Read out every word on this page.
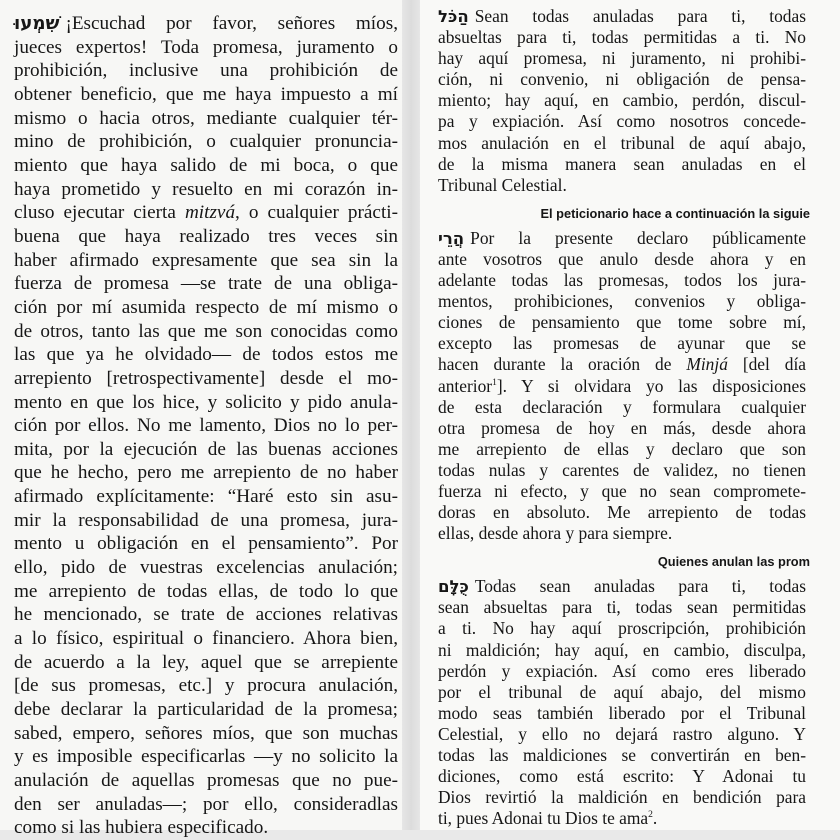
שִׁמְעוּ ¡Escuchad por favor, señores míos,
jueces expertos! Toda promesa, juramento o
prohibición, inclusive una prohibición de
obtener beneficio, que me haya impuesto a mí
mismo o hacia otros, mediante cualquier tér-
mino de prohibición, o cualquier pronuncia-
miento que haya salido de mi boca, o que
haya prometido y resuelto en mi corazón in-
cluso ejecutar cierta mitzvá, o cualquier prácti-
buena que haya realizado tres veces sin
haber afirmado expresamente que sea sin la
fuerza de promesa —se trate de una obliga-
ción por mí asumida respecto de mí mismo o
de otros, tanto las que me son conocidas como
las que ya he olvidado— de todos estos me
arrepiento [retrospectivamente] desde el mo-
mento en que los hice, y solicito y pido anula-
ción por ellos. No me lamento, Dios no lo per-
mita, por la ejecución de las buenas acciones
que he hecho, pero me arrepiento de no haber
afirmado explícitamente: “Haré esto sin asu-
mir la responsabilidad de una promesa, jura-
mento u obligación en el pensamiento”. Por
ello, pido de vuestras excelencias anulación;
me arrepiento de todas ellas, de todo lo que
he mencionado, se trate de acciones relativas
a lo físico, espiritual o financiero. Ahora bien,
de acuerdo a la ley, aquel que se arrepiente
[de sus promesas, etc.] y procura anulación,
debe declarar la particularidad de la promesa;
sabed, empero, señores míos, que son muchas
y es imposible especificarlas —y no solicito la
anulación de aquellas promesas que no pue-
den ser anuladas—; por ello, consideradlas
como si las hubiera especificado.
הַכֹּל Sean todas anuladas para ti, todas
absueltas para ti, todas permitidas a ti. No
hay aquí promesa, ni juramento, ni prohibi-
ción, ni convenio, ni obligación de pensa-
miento; hay aquí, en cambio, perdón, discul-
pa y expiación. Así como nosotros concede-
mos anulación en el tribunal de aquí abajo,
de la misma manera sean anuladas en el
Tribunal Celestial.
El peticionario hace a continuación la siguie
הֲרֵי Por la presente declaro públicamente
ante vosotros que anulo desde ahora y en
adelante todas las promesas, todos los jura-
mentos, prohibiciones, convenios y obliga-
ciones de pensamiento que tome sobre mí,
excepto las promesas de ayunar que se
hacen durante la oración de Minjá [del día
anterior$^1$]. Y si olvidara yo las disposiciones
de esta declaración y formulara cualquier
otra promesa de hoy en más, desde ahora
me arrepiento de ellas y declaro que son
todas nulas y carentes de validez, no tienen
fuerza ni efecto, y que no sean compromete-
doras en absoluto. Me arrepiento de todas
ellas, desde ahora y para siempre.
Quienes anulan las prom
כֻּלָּם Todas sean anuladas para ti, todas
sean absueltas para ti, todas sean permitidas
a ti. No hay aquí proscripción, prohibición
ni maldición; hay aquí, en cambio, disculpa,
perdón y expiación. Así como eres liberado
por el tribunal de aquí abajo, del mismo
modo seas también liberado por el Tribunal
Celestial, y ello no dejará rastro alguno. Y
todas las maldiciones se convertirán en ben-
diciones, como está escrito: Y Adonai tu
Dios revirtió la maldición en bendición para
ti, pues Adonai tu Dios te ama$^2$.
